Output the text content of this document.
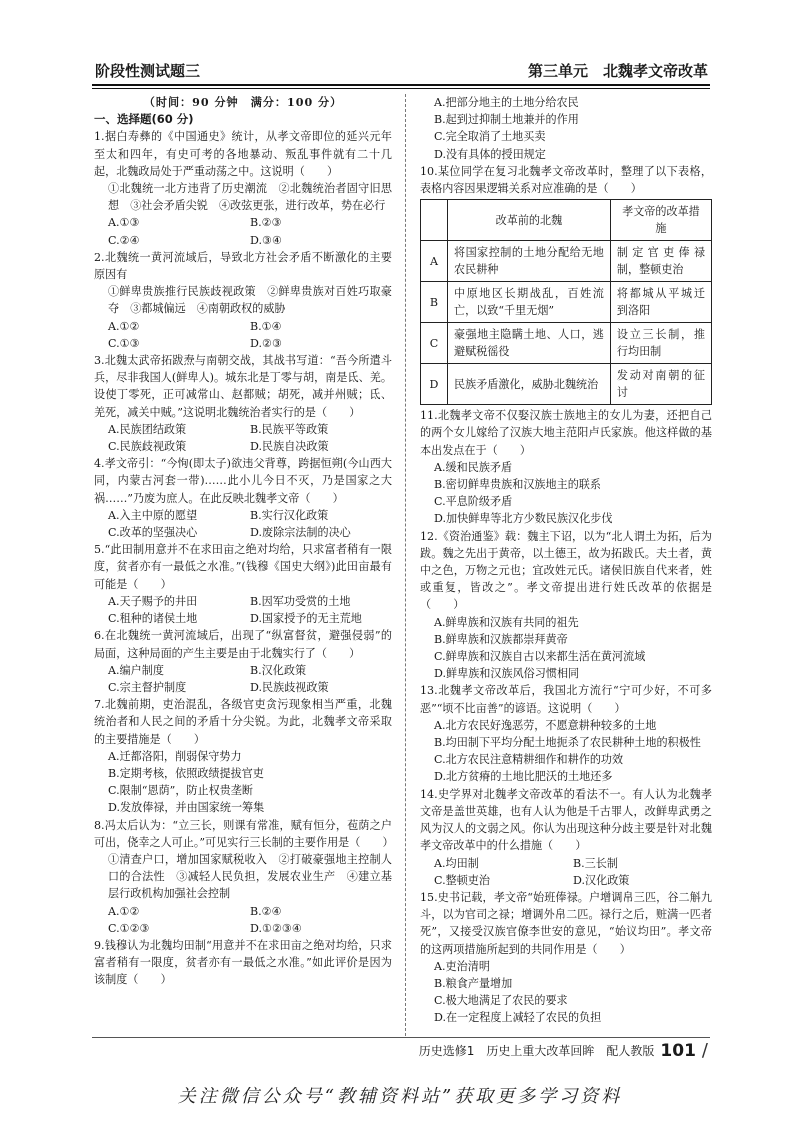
阶段性测试题三	第三单元　北魏孝文帝改革
（时间：90 分钟　满分：100 分）
一、选择题(60 分)
1.据白寿彝的《中国通史》统计，从孝文帝即位的延兴元年至太和四年，有史可考的各地暴动、叛乱事件就有二十几起，北魏政局处于严重动荡之中。这说明（　　）
①北魏统一北方违背了历史潮流　②北魏统治者固守旧思想　③社会矛盾尖锐　④改弦更张，进行改革，势在必行
A.①③	B.②③
C.②④	D.③④
2.北魏统一黄河流域后，导致北方社会矛盾不断激化的主要原因有
①鲜卑贵族推行民族歧视政策　②鲜卑贵族对百姓巧取豪夺　③都城偏远　④南朝政权的威胁
A.①②	B.①④
C.①③	D.②③
3.北魏太武帝拓跋焘与南朝交战，其战书写道：“吾今所遣斗兵，尽非我国人(鲜卑人)。城东北是丁零与胡，南是氐、羌。设使丁零死，正可减常山、赵都贼；胡死，减并州贼；氐、羌死，减关中贼。”这说明北魏统治者实行的是（　　）
A.民族团结政策	B.民族平等政策
C.民族歧视政策	D.民族自决政策
4.孝文帝引：“今恂(即太子)欲违父背尊，跨据恒朔(今山西大同，内蒙古河套一带)……此小儿今日不灭，乃是国家之大祸……”乃废为庶人。在此反映北魏孝文帝（　　）
A.入主中原的愿望	B.实行汉化政策
C.改革的坚强决心	D.废除宗法制的决心
5.“此田制用意并不在求田亩之绝对均给，只求富者稍有一限度，贫者亦有一最低之水准。”(钱穆《国史大纲》)此田亩最有可能是（　　）
A.天子赐予的井田	B.因军功受赏的土地
C.租种的诸侯土地	D.国家授予的无主荒地
6.在北魏统一黄河流域后，出现了“纵富督贫，避强侵弱”的局面，这种局面的产生主要是由于北魏实行了（　　）
A.编户制度	B.汉化政策
C.宗主督护制度	D.民族歧视政策
7.北魏前期，吏治混乱，各级官吏贪污现象相当严重，北魏统治者和人民之间的矛盾十分尖锐。为此，北魏孝文帝采取的主要措施是（　　）
A.迁都洛阳，削弱保守势力
B.定期考核，依照政绩提拔官吏
C.限制“恩荫”，防止权贵垄断
D.发放俸禄，并由国家统一筹集
8.冯太后认为：“立三长，则课有常准，赋有恒分，苞荫之户可出，侥幸之人可止。”可见实行三长制的主要作用是（　　）
①清查户口，增加国家赋税收入　②打破豪强地主控制人口的合法性　③减轻人民负担，发展农业生产　④建立基层行政机构加强社会控制
A.①②	B.②④
C.①②③	D.①②③④
9.钱穆认为北魏均田制“用意并不在求田亩之绝对均给，只求富者稍有一限度，贫者亦有一最低之水准。”如此评价是因为该制度（　　）
A.把部分地主的土地分给农民
B.起到过抑制土地兼并的作用
C.完全取消了土地买卖
D.没有具体的授田规定
10.某位同学在复习北魏孝文帝改革时，整理了以下表格，表格内容因果逻辑关系对应准确的是（　　）
	改革前的北魏	孝文帝的改革措施
A	将国家控制的土地分配给无地农民耕种	制定官吏俸禄制，整顿吏治
B	中原地区长期战乱，百姓流亡，以致“千里无烟”	将都城从平城迁到洛阳
C	豪强地主隐瞒土地、人口，逃避赋税徭役	设立三长制，推行均田制
D	民族矛盾激化，威胁北魏统治	发动对南朝的征讨
11.北魏孝文帝不仅娶汉族士族地主的女儿为妻，还把自己的两个女儿嫁给了汉族大地主范阳卢氏家族。他这样做的基本出发点在于（　　）
A.缓和民族矛盾
B.密切鲜卑贵族和汉族地主的联系
C.平息阶级矛盾
D.加快鲜卑等北方少数民族汉化步伐
12.《资治通鉴》载：魏主下诏，以为“北人谓土为拓，后为跋。魏之先出于黄帝，以土德王，故为拓跋氏。夫土者，黄中之色，万物之元也；宜改姓元氏。诸侯旧族自代来者，姓或重复，皆改之”。孝文帝提出进行姓氏改革的依据是（　　）
A.鲜卑族和汉族有共同的祖先
B.鲜卑族和汉族都崇拜黄帝
C.鲜卑族和汉族自古以来都生活在黄河流域
D.鲜卑族和汉族风俗习惯相同
13.北魏孝文帝改革后，我国北方流行“宁可少好，不可多恶”“顷不比亩善”的谚语。这说明（　　）
A.北方农民好逸恶劳，不愿意耕种较多的土地
B.均田制下平均分配土地扼杀了农民耕种土地的积极性
C.北方农民注意精耕细作和耕作的功效
D.北方贫瘠的土地比肥沃的土地还多
14.史学界对北魏孝文帝改革的看法不一。有人认为北魏孝文帝是盖世英雄，也有人认为他是千古罪人，改鲜卑武勇之风为汉人的文弱之风。你认为出现这种分歧主要是针对北魏孝文帝改革中的什么措施（　　）
A.均田制	B.三长制
C.整顿吏治	D.汉化政策
15.史书记载，孝文帝“始班俸禄。户增调帛三匹，谷二斛九斗，以为官司之禄；增调外帛二匹。禄行之后，赃满一匹者死”，又接受汉族官僚李世安的意见，“始议均田”。孝文帝的这两项措施所起到的共同作用是（　　）
A.吏治清明
B.粮食产量增加
C.极大地满足了农民的要求
D.在一定程度上减轻了农民的负担
历史选修1　历史上重大改革回眸　配人教版 101 /
关注微信公众号“教辅资料站”获取更多学习资料
